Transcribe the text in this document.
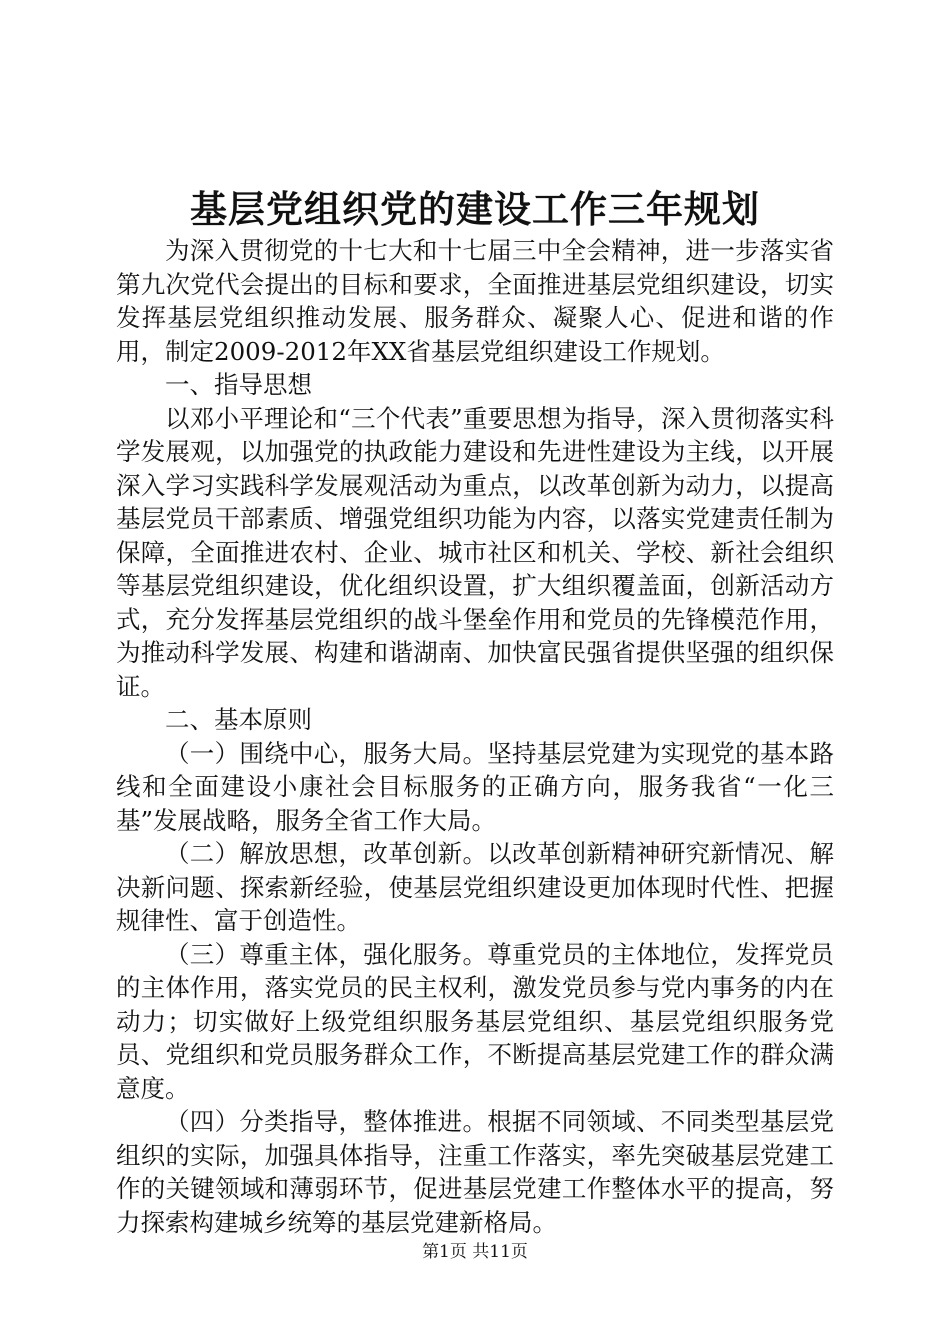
基层党组织党的建设工作三年规划

为深入贯彻党的十七大和十七届三中全会精神，进一步落实省第九次党代会提出的目标和要求，全面推进基层党组织建设，切实发挥基层党组织推动发展、服务群众、凝聚人心、促进和谐的作用，制定2009-2012年XX省基层党组织建设工作规划。

一、指导思想

以邓小平理论和“三个代表”重要思想为指导，深入贯彻落实科学发展观，以加强党的执政能力建设和先进性建设为主线，以开展深入学习实践科学发展观活动为重点，以改革创新为动力，以提高基层党员干部素质、增强党组织功能为内容，以落实党建责任制为保障，全面推进农村、企业、城市社区和机关、学校、新社会组织等基层党组织建设，优化组织设置，扩大组织覆盖面，创新活动方式，充分发挥基层党组织的战斗堡垒作用和党员的先锋模范作用，为推动科学发展、构建和谐湖南、加快富民强省提供坚强的组织保证。

二、基本原则

（一）围绕中心，服务大局。坚持基层党建为实现党的基本路线和全面建设小康社会目标服务的正确方向，服务我省“一化三基”发展战略，服务全省工作大局。

（二）解放思想，改革创新。以改革创新精神研究新情况、解决新问题、探索新经验，使基层党组织建设更加体现时代性、把握规律性、富于创造性。

（三）尊重主体，强化服务。尊重党员的主体地位，发挥党员的主体作用，落实党员的民主权利，激发党员参与党内事务的内在动力；切实做好上级党组织服务基层党组织、基层党组织服务党员、党组织和党员服务群众工作，不断提高基层党建工作的群众满意度。

（四）分类指导，整体推进。根据不同领域、不同类型基层党组织的实际，加强具体指导，注重工作落实，率先突破基层党建工作的关键领域和薄弱环节，促进基层党建工作整体水平的提高，努力探索构建城乡统筹的基层党建新格局。

第1页 共11页
